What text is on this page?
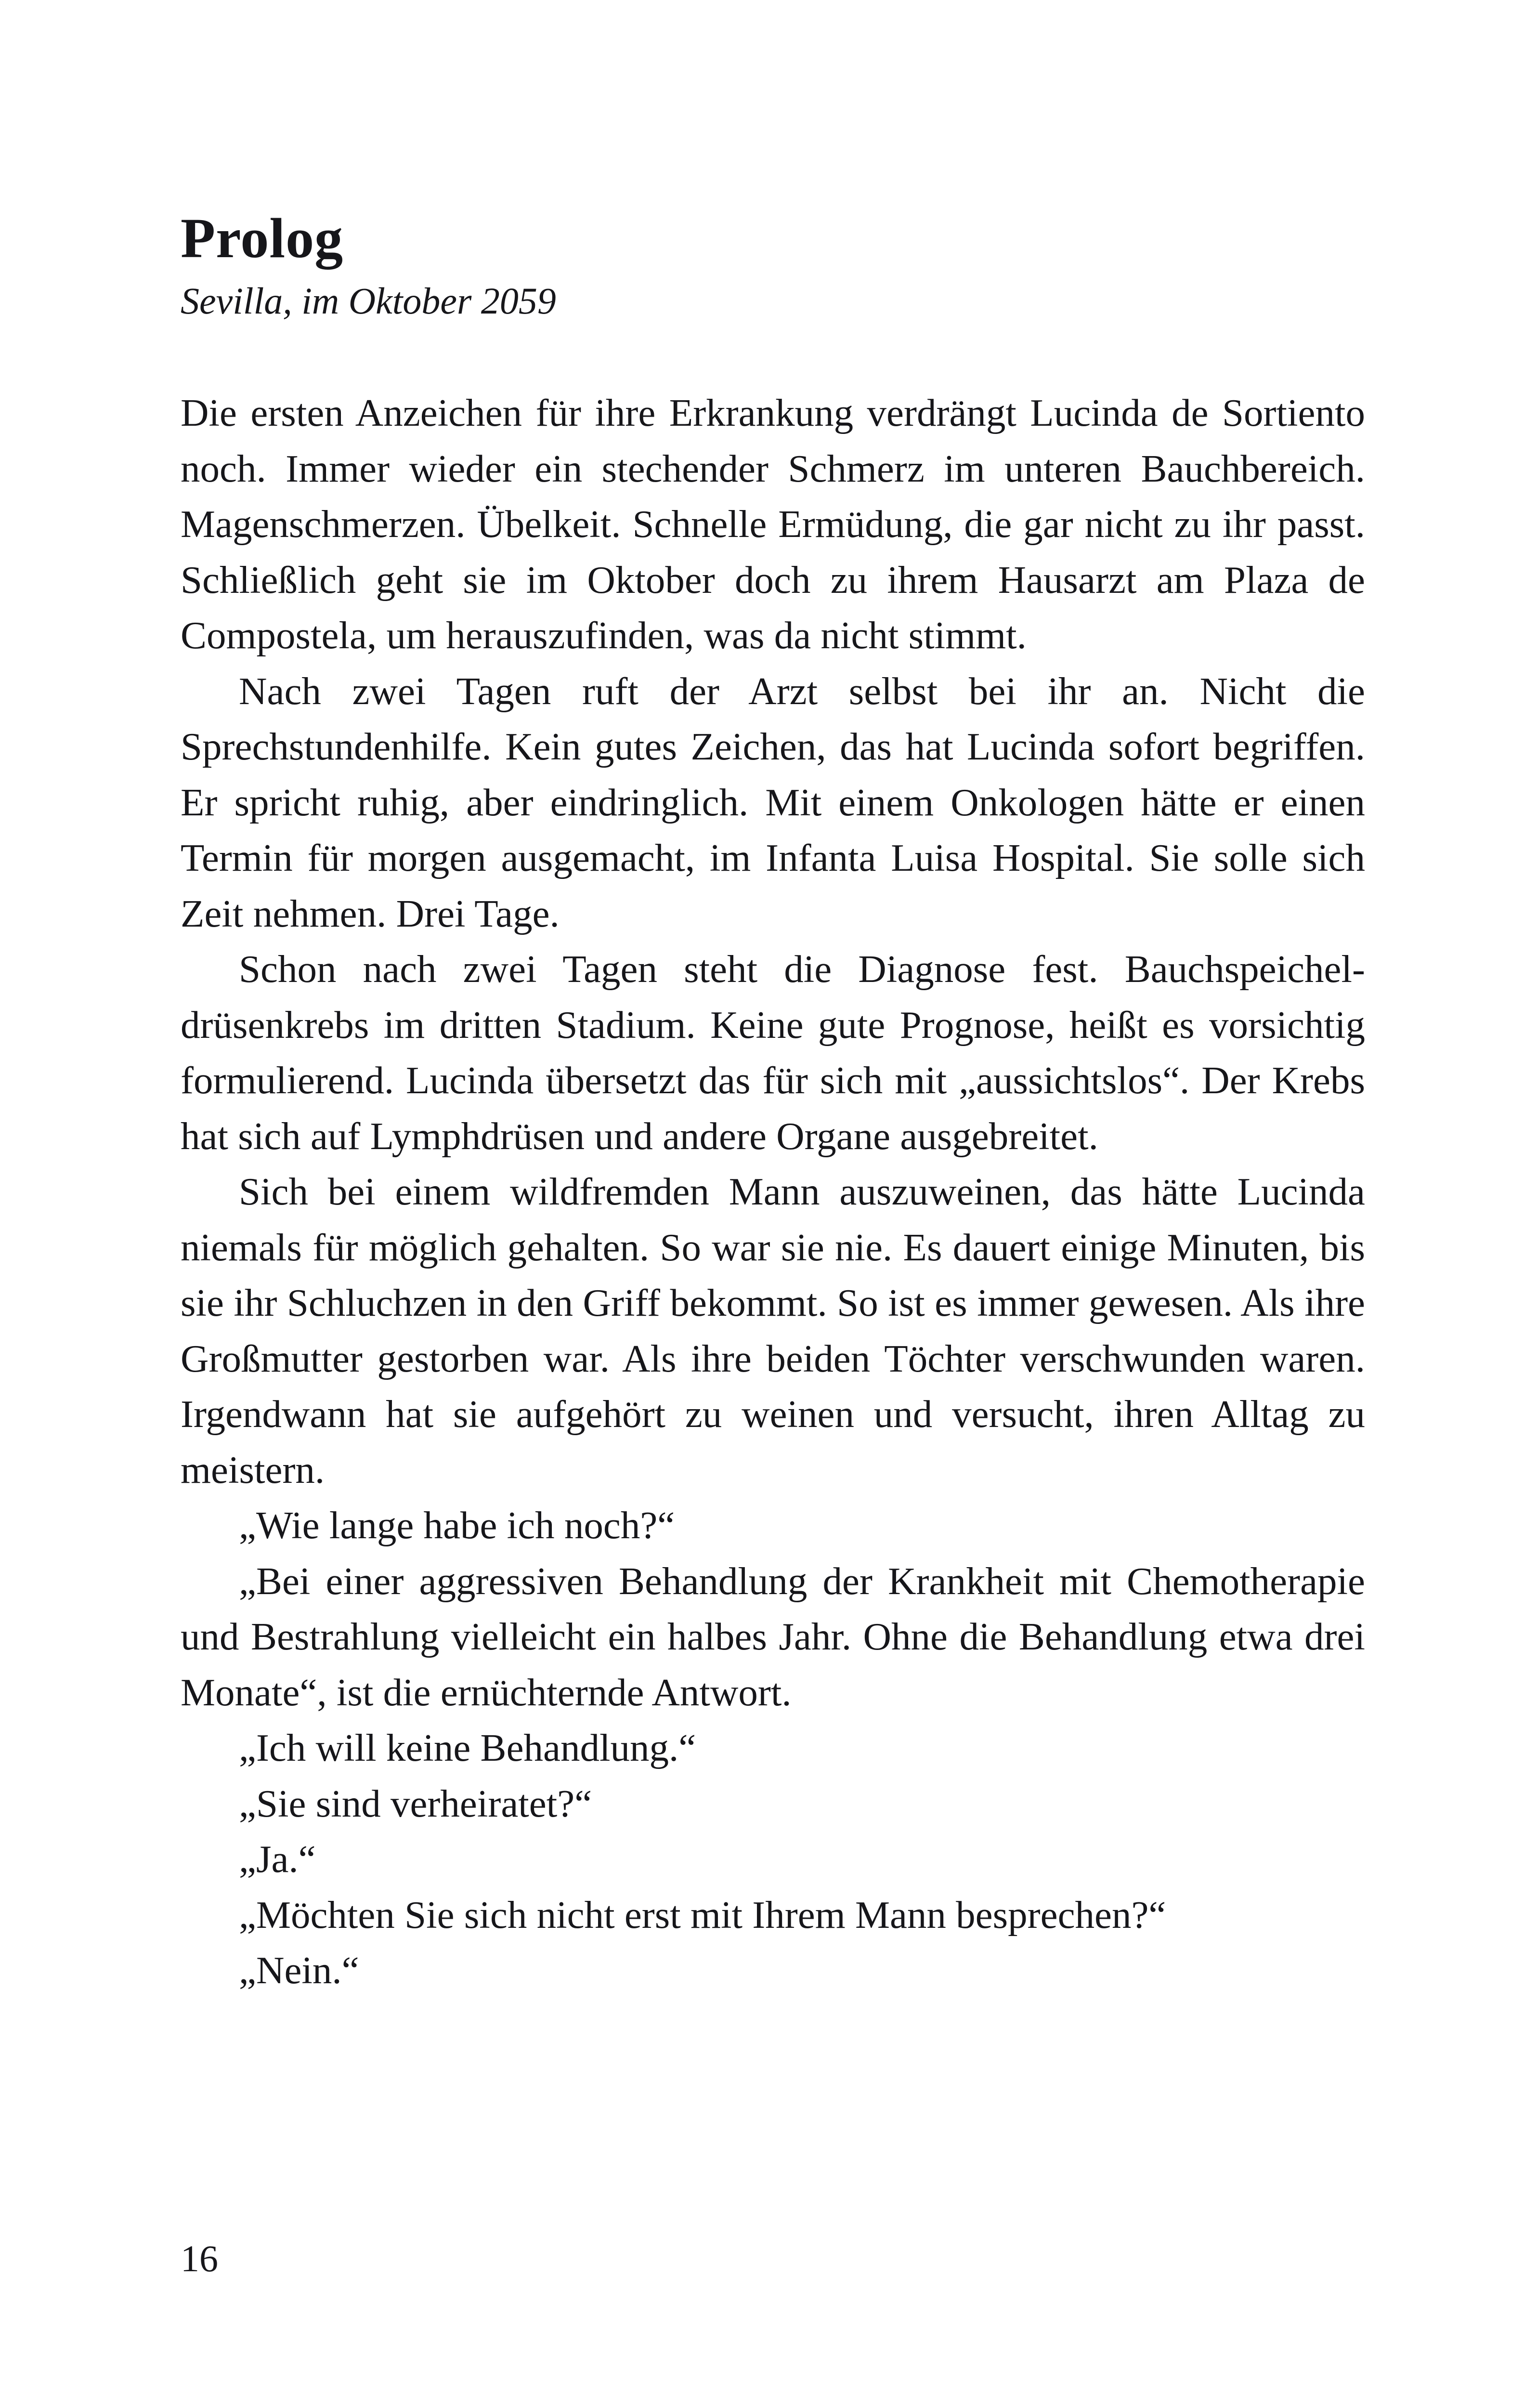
Prolog

Sevilla, im Oktober 2059

Die ersten Anzeichen für ihre Erkrankung verdrängt Lucinda de Sortiento noch. Immer wieder ein stechender Schmerz im unteren Bauchbereich. Magenschmerzen. Übelkeit. Schnelle Ermüdung, die gar nicht zu ihr passt. Schließlich geht sie im Oktober doch zu ihrem Hausarzt am Plaza de Compostela, um herauszufinden, was da nicht stimmt.

Nach zwei Tagen ruft der Arzt selbst bei ihr an. Nicht die Sprechstundenhilfe. Kein gutes Zeichen, das hat Lucinda sofort begriffen. Er spricht ruhig, aber eindringlich. Mit einem Onkologen hätte er einen Termin für morgen ausgemacht, im Infanta Luisa Hospital. Sie solle sich Zeit nehmen. Drei Tage.

Schon nach zwei Tagen steht die Diagnose fest. Bauchspeicheldrüsenkrebs im dritten Stadium. Keine gute Prognose, heißt es vorsichtig formulierend. Lucinda übersetzt das für sich mit „aussichtslos“. Der Krebs hat sich auf Lymphdrüsen und andere Organe ausgebreitet.

Sich bei einem wildfremden Mann auszuweinen, das hätte Lucinda niemals für möglich gehalten. So war sie nie. Es dauert einige Minuten, bis sie ihr Schluchzen in den Griff bekommt. So ist es immer gewesen. Als ihre Großmutter gestorben war. Als ihre beiden Töchter verschwunden waren. Irgendwann hat sie aufgehört zu weinen und versucht, ihren Alltag zu meistern.

„Wie lange habe ich noch?“

„Bei einer aggressiven Behandlung der Krankheit mit Chemotherapie und Bestrahlung vielleicht ein halbes Jahr. Ohne die Behandlung etwa drei Monate“, ist die ernüchternde Antwort.

„Ich will keine Behandlung.“

„Sie sind verheiratet?“

„Ja.“

„Möchten Sie sich nicht erst mit Ihrem Mann besprechen?“

„Nein.“

16
